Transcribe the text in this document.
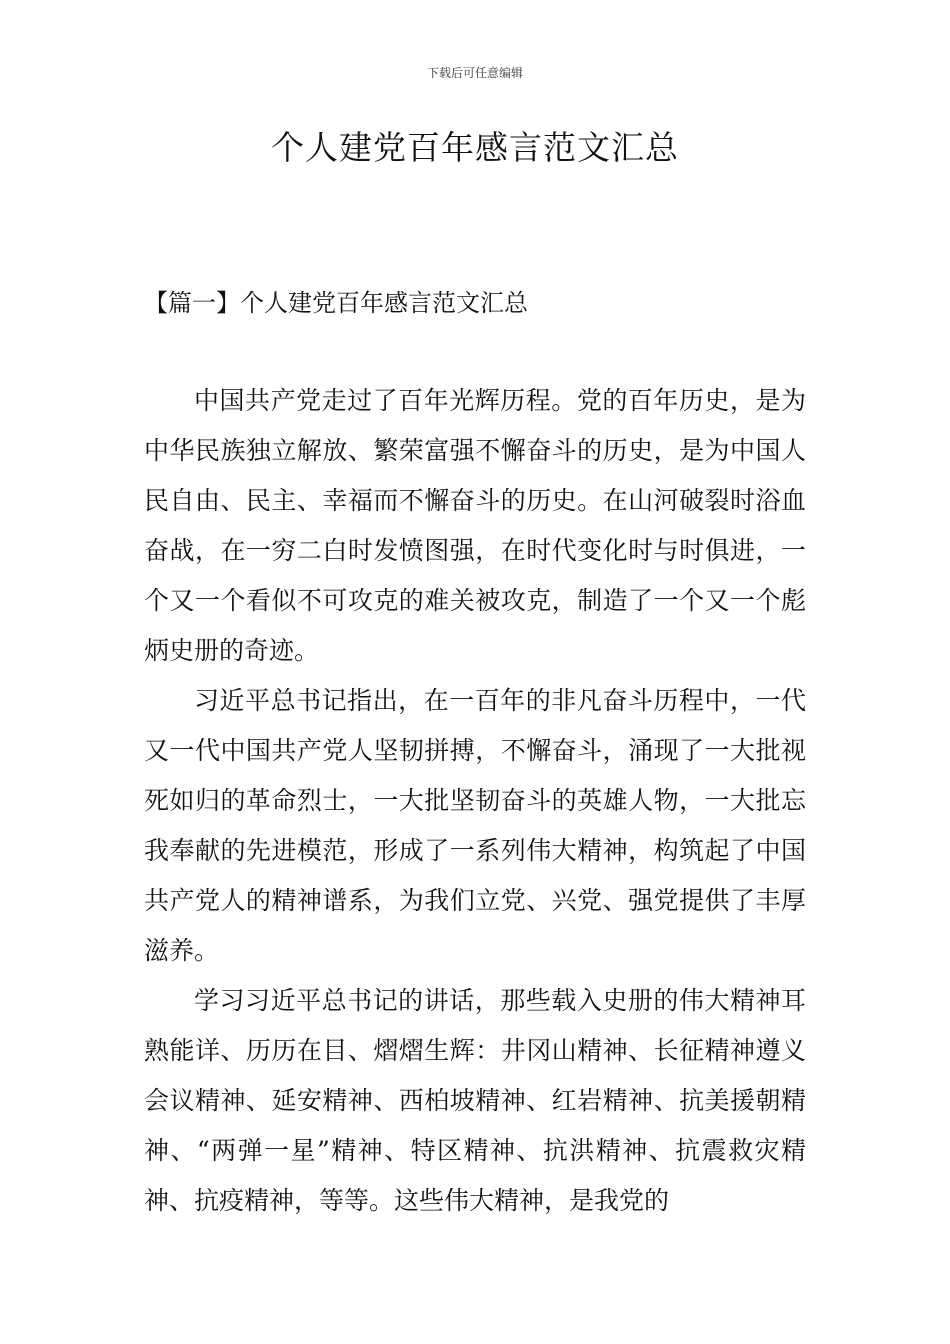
下载后可任意编辑
个人建党百年感言范文汇总
【篇一】个人建党百年感言范文汇总

中国共产党走过了百年光辉历程。党的百年历史，是为中华民族独立解放、繁荣富强不懈奋斗的历史，是为中国人民自由、民主、幸福而不懈奋斗的历史。在山河破裂时浴血奋战，在一穷二白时发愤图强，在时代变化时与时俱进，一个又一个看似不可攻克的难关被攻克，制造了一个又一个彪炳史册的奇迹。

习近平总书记指出，在一百年的非凡奋斗历程中，一代又一代中国共产党人坚韧拼搏，不懈奋斗，涌现了一大批视死如归的革命烈士，一大批坚韧奋斗的英雄人物，一大批忘我奉献的先进模范，形成了一系列伟大精神，构筑起了中国共产党人的精神谱系，为我们立党、兴党、强党提供了丰厚滋养。

学习习近平总书记的讲话，那些载入史册的伟大精神耳熟能详、历历在目、熠熠生辉：井冈山精神、长征精神遵义会议精神、延安精神、西柏坡精神、红岩精神、抗美援朝精神、“两弹一星”精神、特区精神、抗洪精神、抗震救灾精神、抗疫精神，等等。这些伟大精神，是我党的
